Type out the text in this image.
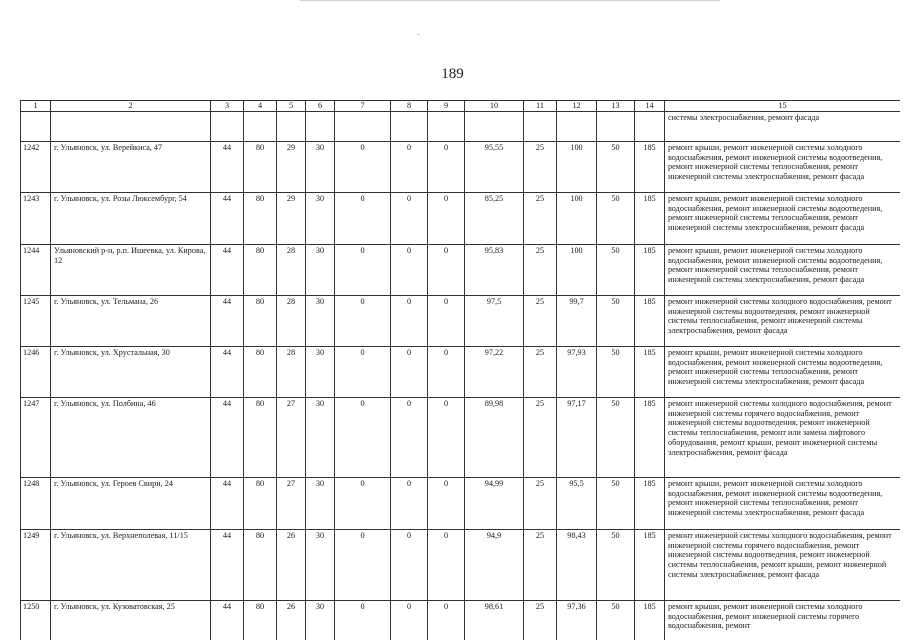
189
1	2	3	4	5	6	7	8	9	10	11	12	13	14	15
														системы электроснабжения, ремонт фасада
1242	г. Ульяновск, ул. Верейкиса, 47	44	80	29	30	0	0	0	95,55	25	100	50	185	ремонт крыши, ремонт инженерной системы холодного водоснабжения, ремонт инженерной системы водоотведения, ремонт инженерной системы теплоснабжения, ремонт инженерной системы электроснабжения, ремонт фасада
1243	г. Ульяновск, ул. Розы Люксембург, 54	44	80	29	30	0	0	0	85,25	25	100	50	185	ремонт крыши, ремонт инженерной системы холодного водоснабжения, ремонт инженерной системы водоотведения, ремонт инженерной системы теплоснабжения, ремонт инженерной системы электроснабжения, ремонт фасада
1244	Ульяновский р-н, р.п. Ишеевка, ул. Кирова, 12	44	80	28	30	0	0	0	95,83	25	100	50	185	ремонт крыши, ремонт инженерной системы холодного водоснабжения, ремонт инженерной системы водоотведения, ремонт инженерной системы теплоснабжения, ремонт инженерной системы электроснабжения, ремонт фасада
1245	г. Ульяновск, ул. Тельмана, 26	44	80	28	30	0	0	0	97,5	25	99,7	50	185	ремонт инженерной системы холодного водоснабжения, ремонт инженерной системы водоотведения, ремонт инженерной системы теплоснабжения, ремонт инженерной системы электроснабжения, ремонт фасада
1246	г. Ульяновск, ул. Хрустальная, 30	44	80	28	30	0	0	0	97,22	25	97,93	50	185	ремонт крыши, ремонт инженерной системы холодного водоснабжения, ремонт инженерной системы водоотведения, ремонт инженерной системы теплоснабжения, ремонт инженерной системы электроснабжения, ремонт фасада
1247	г. Ульяновск, ул. Полбина, 46	44	80	27	30	0	0	0	89,98	25	97,17	50	185	ремонт инженерной системы холодного водоснабжения, ремонт инженерной системы горячего водоснабжения, ремонт инженерной системы водоотведения, ремонт инженерной системы теплоснабжения, ремонт или замена лифтового оборудования, ремонт крыши, ремонт инженерной системы электроснабжения, ремонт фасада
1248	г. Ульяновск, ул. Героев Свири, 24	44	80	27	30	0	0	0	94,99	25	95,5	50	185	ремонт крыши, ремонт инженерной системы холодного водоснабжения, ремонт инженерной системы водоотведения, ремонт инженерной системы теплоснабжения, ремонт инженерной системы электроснабжения, ремонт фасада
1249	г. Ульяновск, ул. Верхнеполевая, 11/15	44	80	26	30	0	0	0	94,9	25	98,43	50	185	ремонт инженерной системы холодного водоснабжения, ремонт инженерной системы горячего водоснабжения, ремонт инженерной системы водоотведения, ремонт инженерной системы теплоснабжения, ремонт крыши, ремонт инженерной системы электроснабжения, ремонт фасада
1250	г. Ульяновск, ул. Кузоватовская, 25	44	80	26	30	0	0	0	98,61	25	97,36	50	185	ремонт крыши, ремонт инженерной системы холодного водоснабжения, ремонт инженерной системы горячего водоснабжения, ремонт
